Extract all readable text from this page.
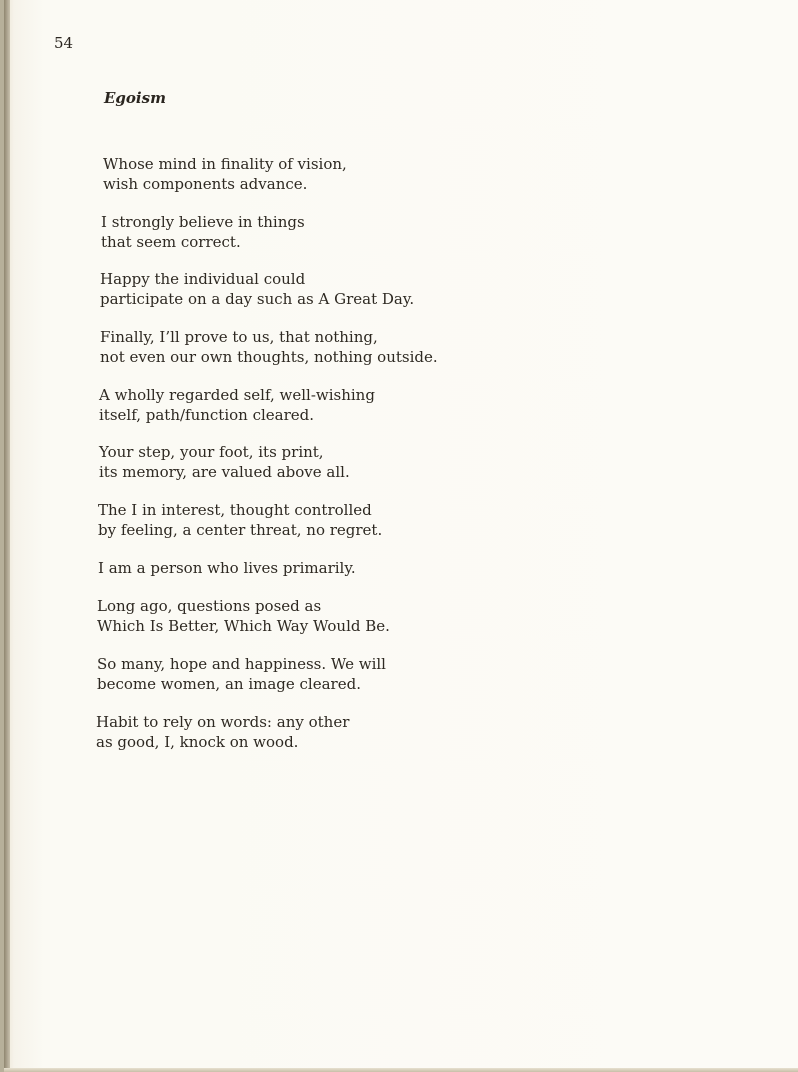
54

Egoism

Whose mind in finality of vision,
wish components advance.

I strongly believe in things
that seem correct.

Happy the individual could
participate on a day such as A Great Day.

Finally, I’ll prove to us, that nothing,
not even our own thoughts, nothing outside.

A wholly regarded self, well-wishing
itself, path/function cleared.

Your step, your foot, its print,
its memory, are valued above all.

The I in interest, thought controlled
by feeling, a center threat, no regret.

I am a person who lives primarily.

Long ago, questions posed as
Which Is Better, Which Way Would Be.

So many, hope and happiness. We will
become women, an image cleared.

Habit to rely on words: any other
as good, I, knock on wood.
